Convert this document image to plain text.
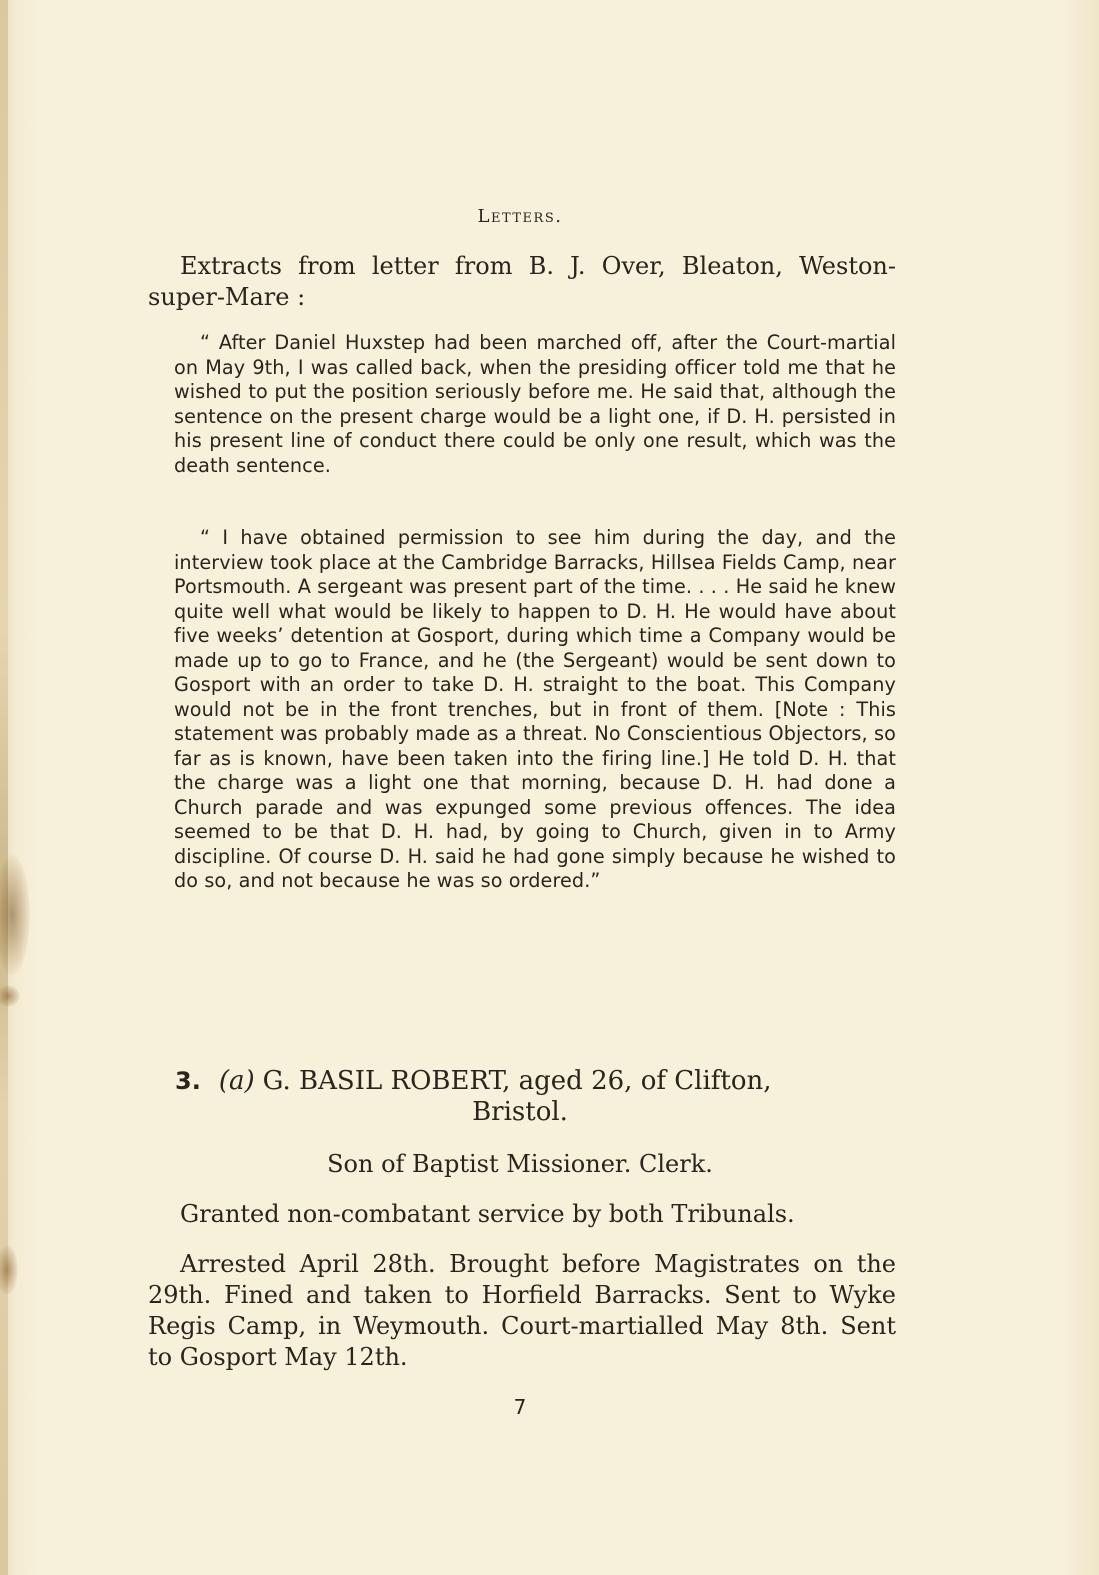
Letters.
Extracts from letter from B. J. Over, Bleaton, Weston-super-Mare :
“ After Daniel Huxstep had been marched off, after the Court-martial on May 9th, I was called back, when the presiding officer told me that he wished to put the position seriously before me. He said that, although the sentence on the present charge would be a light one, if D. H. persisted in his present line of conduct there could be only one result, which was the death sentence.
“ I have obtained permission to see him during the day, and the interview took place at the Cambridge Barracks, Hillsea Fields Camp, near Portsmouth. A sergeant was present part of the time. . . . He said he knew quite well what would be likely to happen to D. H. He would have about five weeks’ detention at Gosport, during which time a Company would be made up to go to France, and he (the Sergeant) would be sent down to Gosport with an order to take D. H. straight to the boat. This Company would not be in the front trenches, but in front of them. [Note : This statement was probably made as a threat. No Conscientious Objectors, so far as is known, have been taken into the firing line.] He told D. H. that the charge was a light one that morning, because D. H. had done a Church parade and was expunged some previous offences. The idea seemed to be that D. H. had, by going to Church, given in to Army discipline. Of course D. H. said he had gone simply because he wished to do so, and not because he was so ordered.”
3. (a) G. BASIL ROBERT, aged 26, of Clifton,
Bristol.
Son of Baptist Missioner. Clerk.
Granted non-combatant service by both Tribunals.
Arrested April 28th. Brought before Magistrates on the 29th. Fined and taken to Horfield Barracks. Sent to Wyke Regis Camp, in Weymouth. Court-martialled May 8th. Sent to Gosport May 12th.
7
